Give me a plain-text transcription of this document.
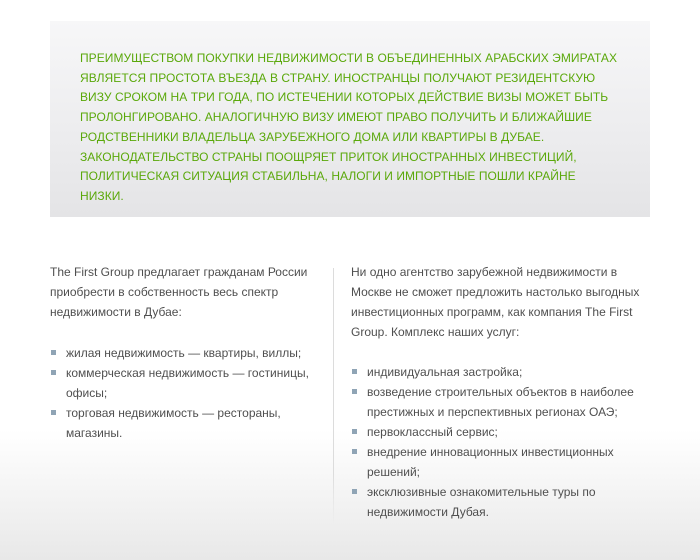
ПРЕИМУЩЕСТВОМ ПОКУПКИ НЕДВИЖИМОСТИ В ОБЪЕДИНЕННЫХ АРАБСКИХ ЭМИРАТАХ ЯВЛЯЕТСЯ ПРОСТОТА ВЪЕЗДА В СТРАНУ. ИНОСТРАНЦЫ ПОЛУЧАЮТ РЕЗИДЕНТСКУЮ ВИЗУ СРОКОМ НА ТРИ ГОДА, ПО ИСТЕЧЕНИИ КОТОРЫХ ДЕЙСТВИЕ ВИЗЫ МОЖЕТ БЫТЬ ПРОЛОНГИРОВАНО. АНАЛОГИЧНУЮ ВИЗУ ИМЕЮТ ПРАВО ПОЛУЧИТЬ И БЛИЖАЙШИЕ РОДСТВЕННИКИ ВЛАДЕЛЬЦА ЗАРУБЕЖНОГО ДОМА ИЛИ КВАРТИРЫ В ДУБАЕ. ЗАКОНОДАТЕЛЬСТВО СТРАНЫ ПООЩРЯЕТ ПРИТОК ИНОСТРАННЫХ ИНВЕСТИЦИЙ, ПОЛИТИЧЕСКАЯ СИТУАЦИЯ СТАБИЛЬНА, НАЛОГИ И ИМПОРТНЫЕ ПОШЛИ КРАЙНЕ НИЗКИ.

The First Group предлагает гражданам России приобрести в собственность весь спектр недвижимости в Дубае:

жилая недвижимость — квартиры, виллы;
коммерческая недвижимость — гостиницы, офисы;
торговая недвижимость — рестораны, магазины.

Ни одно агентство зарубежной недвижимости в Москве не сможет предложить настолько выгодных инвестиционных программ, как компания The First Group. Комплекс наших услуг:

индивидуальная застройка;
возведение строительных объектов в наиболее престижных и перспективных регионах ОАЭ;
первоклассный сервис;
внедрение инновационных инвестиционных решений;
эксклюзивные ознакомительные туры по недвижимости Дубая.
